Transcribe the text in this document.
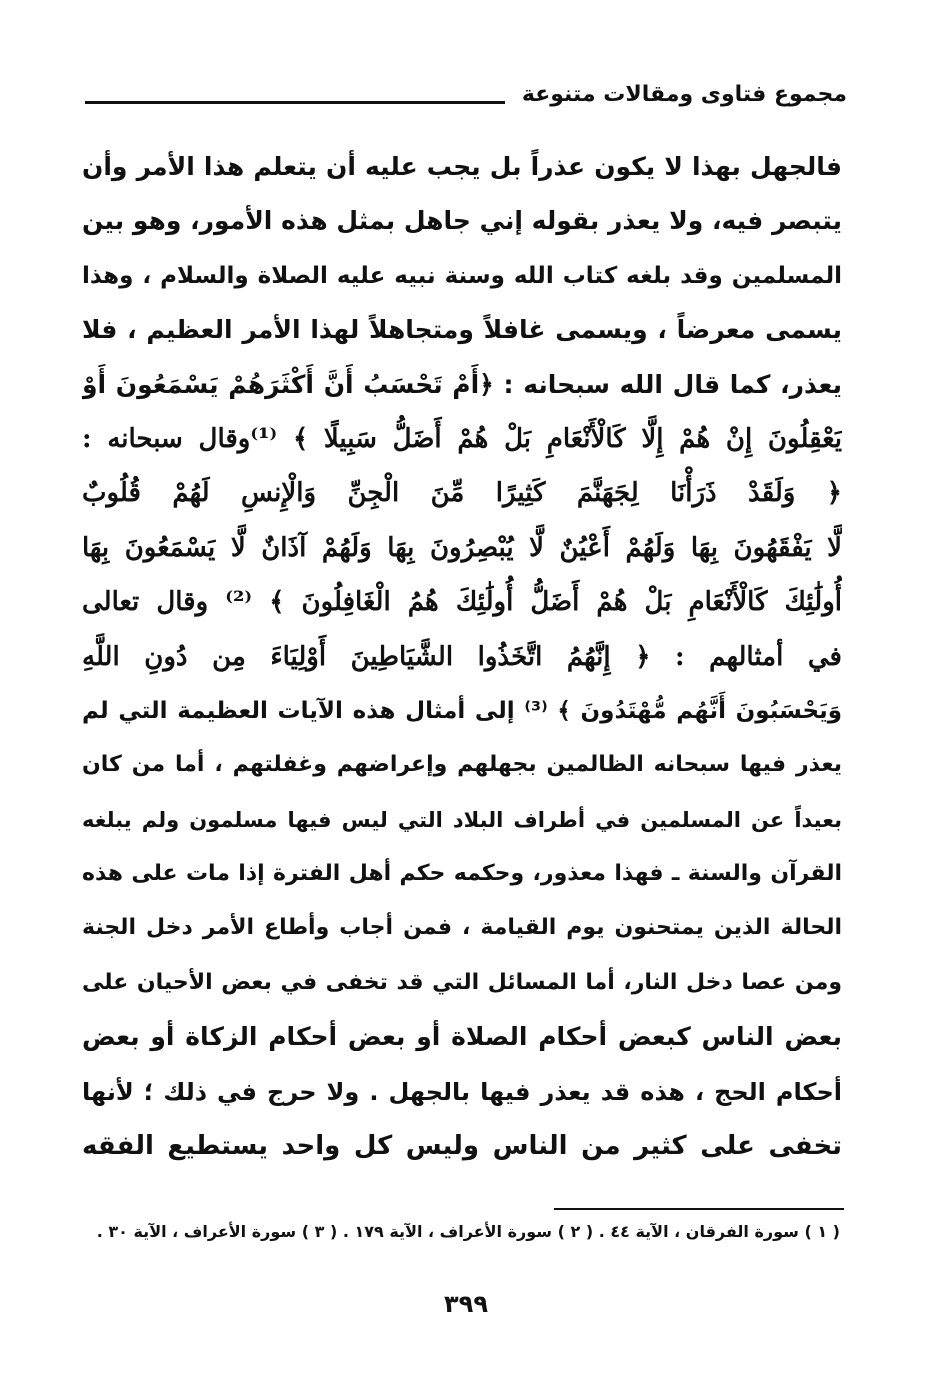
مجموع فتاوى ومقالات متنوعة
فالجهل بهذا لا يكون عذراً بل يجب عليه أن يتعلم هذا الأمر وأن
يتبصر فيه، ولا يعذر بقوله إني جاهل بمثل هذه الأمور، وهو بين
المسلمين وقد بلغه كتاب الله وسنة نبيه عليه الصلاة والسلام ، وهذا
يسمى معرضاً ، ويسمى غافلاً ومتجاهلاً لهذا الأمر العظيم ، فلا
يعذر، كما قال الله سبحانه : ﴿أَمْ تَحْسَبُ أَنَّ أَكْثَرَهُمْ يَسْمَعُونَ أَوْ
يَعْقِلُونَ إِنْ هُمْ إِلَّا كَالْأَنْعَامِ بَلْ هُمْ أَضَلُّ سَبِيلًا ﴾ ⁽¹⁾وقال سبحانه :
﴿ وَلَقَدْ ذَرَأْنَا لِجَهَنَّمَ كَثِيرًا مِّنَ الْجِنِّ وَالْإِنسِ لَهُمْ قُلُوبٌ
لَّا يَفْقَهُونَ بِهَا وَلَهُمْ أَعْيُنٌ لَّا يُبْصِرُونَ بِهَا وَلَهُمْ آذَانٌ لَّا يَسْمَعُونَ بِهَا
أُولَٰئِكَ كَالْأَنْعَامِ بَلْ هُمْ أَضَلُّ أُولَٰئِكَ هُمُ الْغَافِلُونَ ﴾ ⁽²⁾ وقال تعالى
في أمثالهم : ﴿ إِنَّهُمُ اتَّخَذُوا الشَّيَاطِينَ أَوْلِيَاءَ مِن دُونِ اللَّهِ
وَيَحْسَبُونَ أَنَّهُم مُّهْتَدُونَ ﴾ ⁽³⁾ إلى أمثال هذه الآيات العظيمة التي لم
يعذر فيها سبحانه الظالمين بجهلهم وإعراضهم وغفلتهم ، أما من كان
بعيداً عن المسلمين في أطراف البلاد التي ليس فيها مسلمون ولم يبلغه
القرآن والسنة ـ فهذا معذور، وحكمه حكم أهل الفترة إذا مات على هذه
الحالة الذين يمتحنون يوم القيامة ، فمن أجاب وأطاع الأمر دخل الجنة
ومن عصا دخل النار، أما المسائل التي قد تخفى في بعض الأحيان على
بعض الناس كبعض أحكام الصلاة أو بعض أحكام الزكاة أو بعض
أحكام الحج ، هذه قد يعذر فيها بالجهل . ولا حرج في ذلك ؛ لأنها
تخفى على كثير من الناس وليس كل واحد يستطيع الفقه
( ١ ) سورة الفرقان ، الآية ٤٤ . ( ٢ ) سورة الأعراف ، الآية ١٧٩ . ( ٣ ) سورة الأعراف ، الآية ٣٠ .
٣٩٩
